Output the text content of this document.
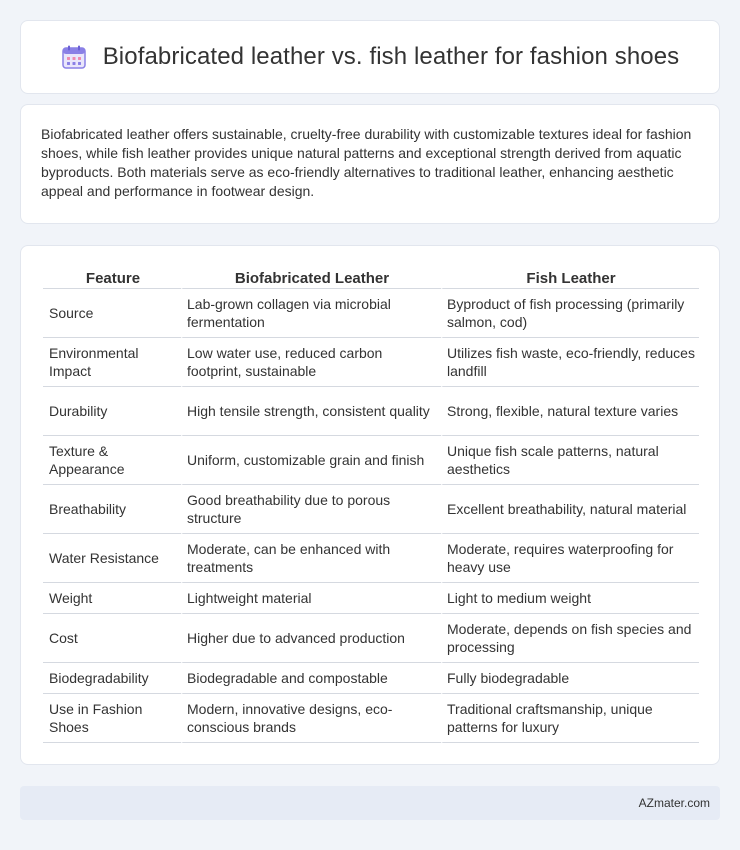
Biofabricated leather vs. fish leather for fashion shoes

Biofabricated leather offers sustainable, cruelty-free durability with customizable textures ideal for fashion shoes, while fish leather provides unique natural patterns and exceptional strength derived from aquatic byproducts. Both materials serve as eco-friendly alternatives to traditional leather, enhancing aesthetic appeal and performance in footwear design.

Feature	Biofabricated Leather	Fish Leather
Source	Lab-grown collagen via microbial fermentation	Byproduct of fish processing (primarily salmon, cod)
Environmental Impact	Low water use, reduced carbon footprint, sustainable	Utilizes fish waste, eco-friendly, reduces landfill
Durability	High tensile strength, consistent quality	Strong, flexible, natural texture varies
Texture & Appearance	Uniform, customizable grain and finish	Unique fish scale patterns, natural aesthetics
Breathability	Good breathability due to porous structure	Excellent breathability, natural material
Water Resistance	Moderate, can be enhanced with treatments	Moderate, requires waterproofing for heavy use
Weight	Lightweight material	Light to medium weight
Cost	Higher due to advanced production	Moderate, depends on fish species and processing
Biodegradability	Biodegradable and compostable	Fully biodegradable
Use in Fashion Shoes	Modern, innovative designs, eco-conscious brands	Traditional craftsmanship, unique patterns for luxury
AZmater.com
